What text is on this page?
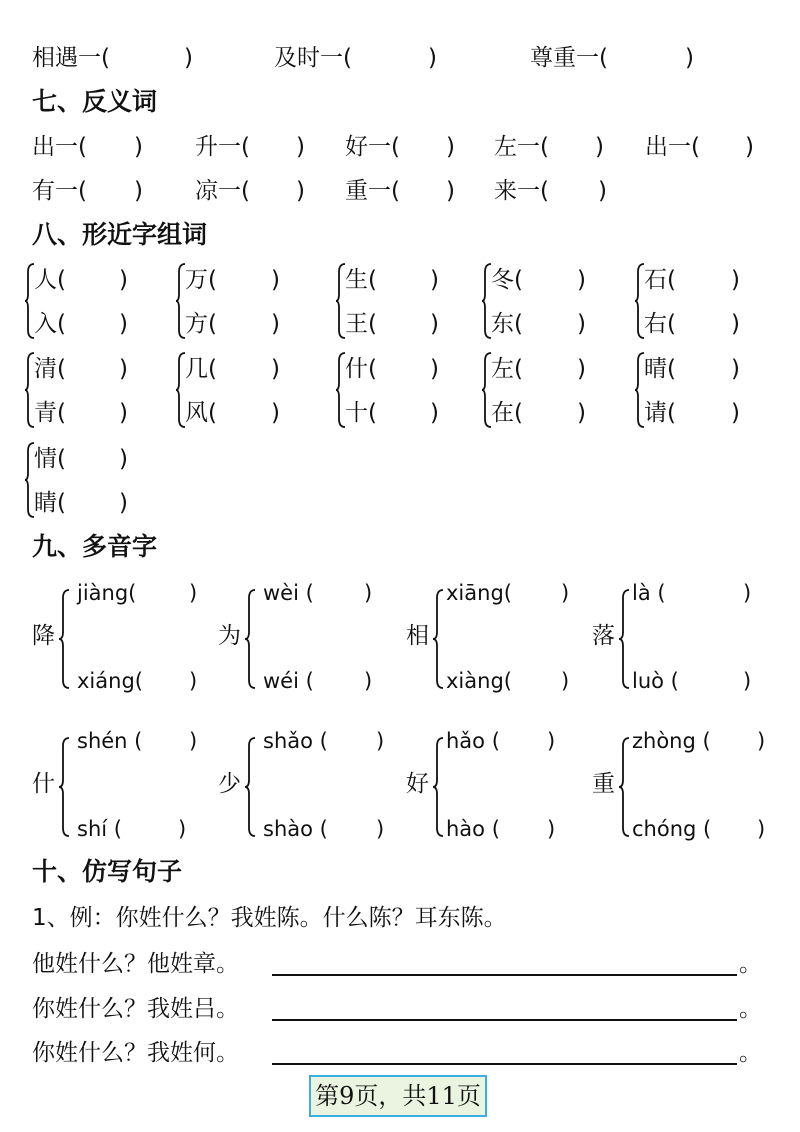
相遇一(	)	及时一(	)	尊重一(	)
七、反义词
出一( ) 升一( ) 好一( ) 左一( ) 出一( )
有一( ) 凉一( ) 重一( ) 来一( )
八、形近字组词
人( )
入( )
万( )
方( )
生( )
王( )
冬( )
东( )
石( )
右( )
清( )
青( )
几( )
风( )
什( )
十( )
左( )
在( )
晴( )
请( )
情( )
睛( )
九、多音字
降
jiàng(	)
xiáng( )
为
wèi ( )
wéi ( )
相
xiāng( )
xiàng( )
落
là (	)
luò (	)
什
shén ( )
shí (	)
少
shǎo ( )
shào ( )
好
hǎo ( )
hào ( )
重
zhòng ( )
chóng ( )
十、仿写句子
1、例：你姓什么？我姓陈。什么陈？耳东陈。
他姓什么？他姓章。	。
你姓什么？我姓吕。	。
你姓什么？我姓何。	。
第9页，共11页
